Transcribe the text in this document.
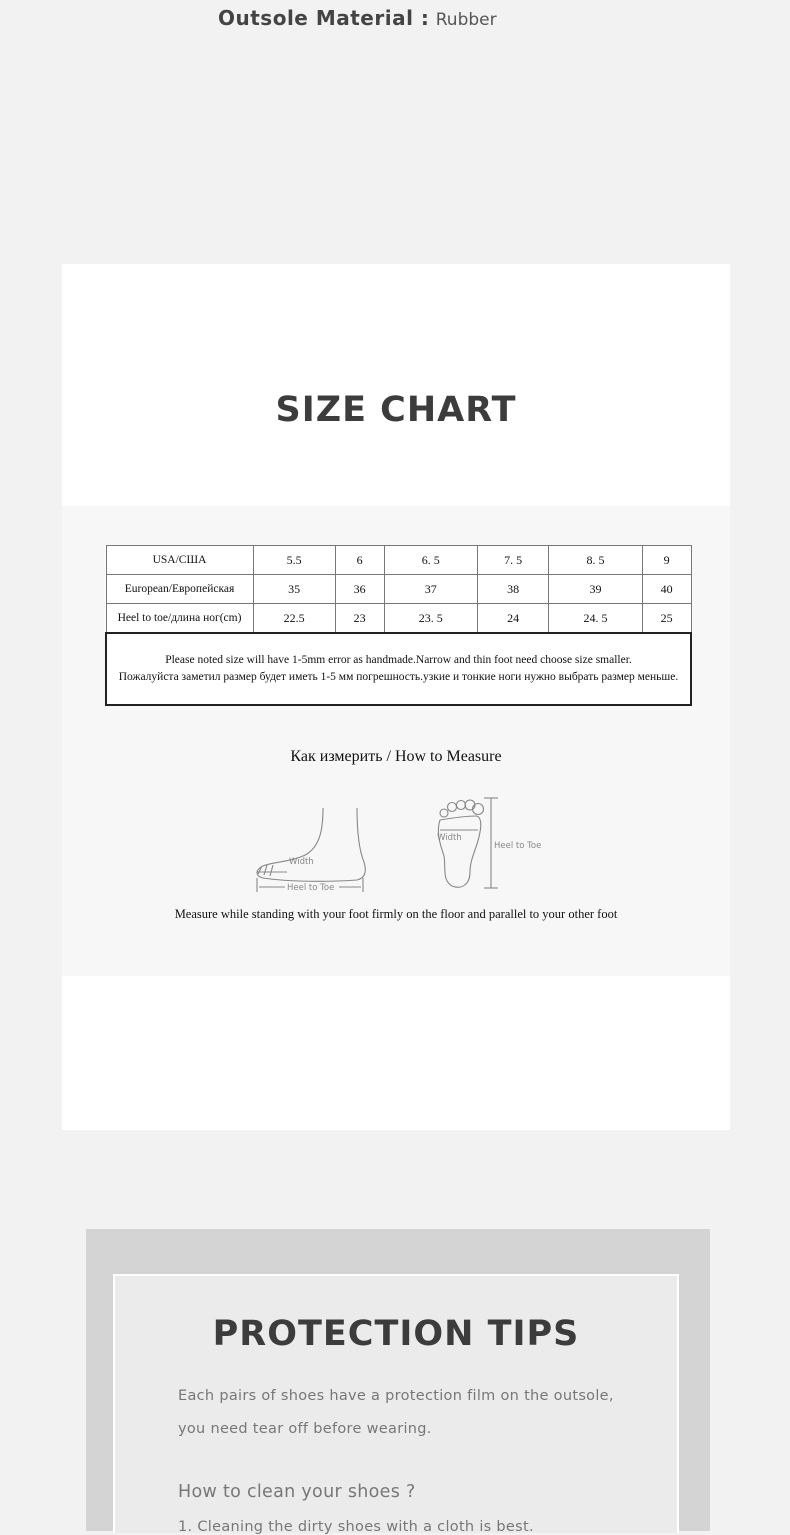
Outsole Material : Rubber
SIZE CHART
USA/США	5.5	6	6. 5	7. 5	8. 5	9
European/Европейская	35	36	37	38	39	40
Heel to toe/длина ног(cm)	22.5	23	23. 5	24	24. 5	25

Please noted size will have 1-5mm error as handmade.Narrow and thin foot need choose size smaller.
Пожалуйста заметил размер будет иметь 1-5 мм погрешность.узкие и тонкие ноги нужно выбрать размер меньше.						
Как измерить / How to Measure
Width
Heel to Toe
Width
Heel to Toe
Measure while standing with your foot firmly on the floor and parallel to your other foot
PROTECTION TIPS
Each pairs of shoes have a protection film on the outsole,
you need tear off before wearing.
How to clean your shoes ?
1. Cleaning the dirty shoes with a cloth is best.
